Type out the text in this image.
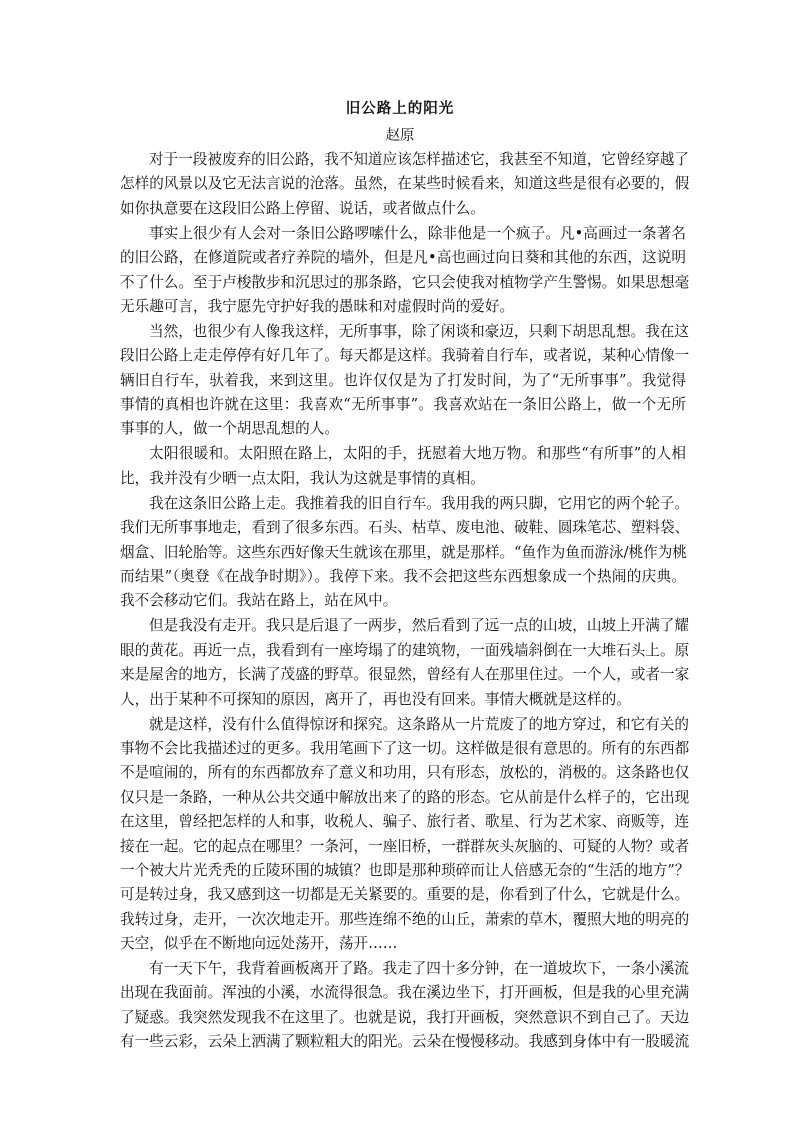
旧公路上的阳光
赵原

对于一段被废弃的旧公路，我不知道应该怎样描述它，我甚至不知道，它曾经穿越了

怎样的风景以及它无法言说的沧落。虽然，在某些时候看来，知道这些是很有必要的，假

如你执意要在这段旧公路上停留、说话，或者做点什么。

事实上很少有人会对一条旧公路啰嗦什么，除非他是一个疯子。凡•高画过一条著名

的旧公路，在修道院或者疗养院的墙外，但是凡•高也画过向日葵和其他的东西，这说明

不了什么。至于卢梭散步和沉思过的那条路，它只会使我对植物学产生警惕。如果思想毫

无乐趣可言，我宁愿先守护好我的愚昧和对虚假时尚的爱好。

当然，也很少有人像我这样，无所事事，除了闲谈和豪迈，只剩下胡思乱想。我在这

段旧公路上走走停停有好几年了。每天都是这样。我骑着自行车，或者说，某种心情像一

辆旧自行车，驮着我，来到这里。也许仅仅是为了打发时间，为了“无所事事”。我觉得

事情的真相也许就在这里：我喜欢“无所事事”。我喜欢站在一条旧公路上，做一个无所

事事的人，做一个胡思乱想的人。

太阳很暖和。太阳照在路上，太阳的手，抚慰着大地万物。和那些“有所事”的人相

比，我并没有少晒一点太阳，我认为这就是事情的真相。

我在这条旧公路上走。我推着我的旧自行车。我用我的两只脚，它用它的两个轮子。

我们无所事事地走，看到了很多东西。石头、枯草、废电池、破鞋、圆珠笔芯、塑料袋、

烟盒、旧轮胎等。这些东西好像天生就该在那里，就是那样。“鱼作为鱼而游泳/桃作为桃

而结果”（奥登《在战争时期》）。我停下来。我不会把这些东西想象成一个热闹的庆典。

我不会移动它们。我站在路上，站在风中。

但是我没有走开。我只是后退了一两步，然后看到了远一点的山坡，山坡上开满了耀

眼的黄花。再近一点，我看到有一座垮塌了的建筑物，一面残墙斜倒在一大堆石头上。原

来是屋舍的地方，长满了茂盛的野草。很显然，曾经有人在那里住过。一个人，或者一家

人，出于某种不可探知的原因，离开了，再也没有回来。事情大概就是这样的。

就是这样，没有什么值得惊讶和探究。这条路从一片荒废了的地方穿过，和它有关的

事物不会比我描述过的更多。我用笔画下了这一切。这样做是很有意思的。所有的东西都

不是喧闹的，所有的东西都放弃了意义和功用，只有形态，放松的，消极的。这条路也仅

仅只是一条路，一种从公共交通中解放出来了的路的形态。它从前是什么样子的，它出现

在这里，曾经把怎样的人和事，收税人、骗子、旅行者、歌星、行为艺术家、商贩等，连

接在一起。它的起点在哪里？一条河，一座旧桥，一群群灰头灰脑的、可疑的人物？或者

一个被大片光秃秃的丘陵环围的城镇？也即是那种琐碎而让人倍感无奈的“生活的地方”？

可是转过身，我又感到这一切都是无关紧要的。重要的是，你看到了什么，它就是什么。

我转过身，走开，一次次地走开。那些连绵不绝的山丘，萧索的草木，覆照大地的明亮的

天空，似乎在不断地向远处荡开，荡开……

有一天下午，我背着画板离开了路。我走了四十多分钟，在一道坡坎下，一条小溪流

出现在我面前。浑浊的小溪，水流得很急。我在溪边坐下，打开画板，但是我的心里充满

了疑惑。我突然发现我不在这里了。也就是说，我打开画板，突然意识不到自己了。天边

有一些云彩，云朵上洒满了颗粒粗大的阳光。云朵在慢慢移动。我感到身体中有一股暖流
